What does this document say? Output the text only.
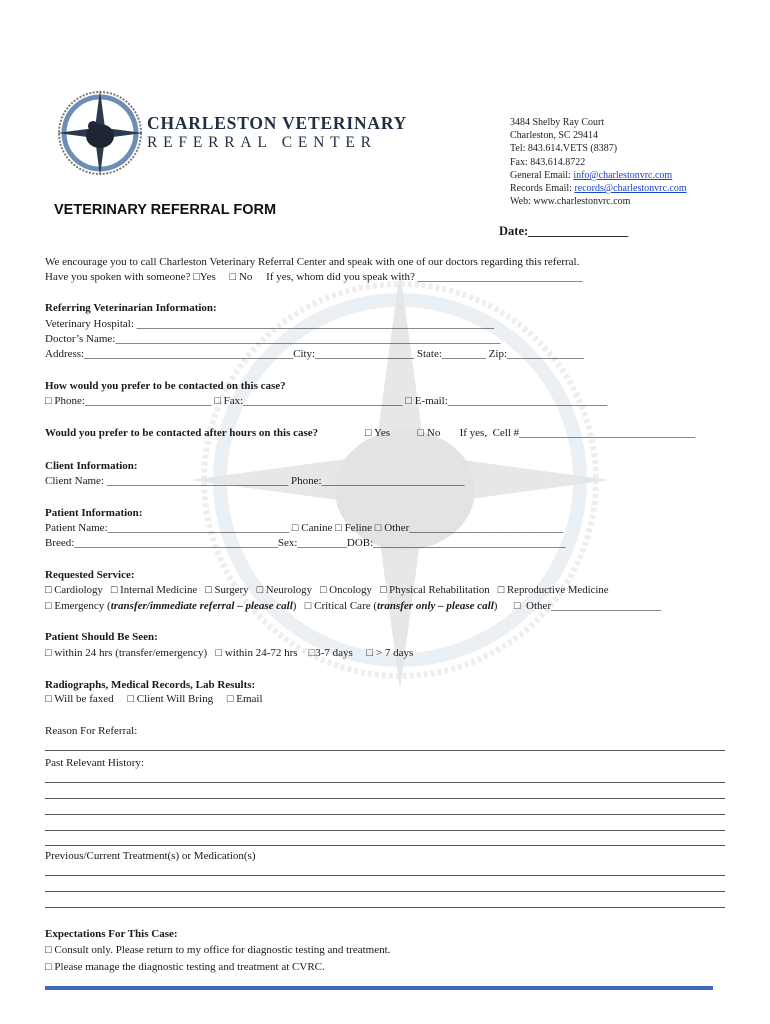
CHARLESTON VETERINARY
REFERRAL CENTER
3484 Shelby Ray Court
Charleston, SC 29414
Tel: 843.614.VETS (8387)
Fax: 843.614.8722
General Email: info@charlestonvrc.com
Records Email: records@charlestonvrc.com
Web: www.charlestonvrc.com
VETERINARY REFERRAL FORM
Date:________________
We encourage you to call Charleston Veterinary Referral Center and speak with one of our doctors regarding this referral.
Have you spoken with someone? □Yes     □ No     If yes, whom did you speak with? ______________________________
Referring Veterinarian Information:
Veterinary Hospital: _________________________________________________________________
Doctor’s Name:______________________________________________________________________
Address:______________________________________City:__________________ State:________ Zip:______________
How would you prefer to be contacted on this case?
□ Phone:_______________________ □ Fax:_____________________________ □ E-mail:_____________________________
Would you prefer to be contacted after hours on this case?	□ Yes          □ No       If yes,  Cell #________________________________
Client Information:
Client Name: _________________________________ Phone:__________________________
Patient Information:
Patient Name:_________________________________ □ Canine □ Feline □ Other____________________________
Breed:_____________________________________Sex:_________DOB:___________________________________
Requested Service:
□ Cardiology   □ Internal Medicine   □ Surgery   □ Neurology   □ Oncology   □ Physical Rehabilitation   □ Reproductive Medicine
□ Emergency (transfer/immediate referral – please call)   □ Critical Care (transfer only – please call)      □  Other____________________
Patient Should Be Seen:
□ within 24 hrs (transfer/emergency)   □ within 24-72 hrs    □3-7 days     □ > 7 days
Radiographs, Medical Records, Lab Results:
□ Will be faxed     □ Client Will Bring     □ Email
Reason For Referral:
Past Relevant History:
Previous/Current Treatment(s) or Medication(s)
Expectations For This Case:
□ Consult only. Please return to my office for diagnostic testing and treatment.
□ Please manage the diagnostic testing and treatment at CVRC.
